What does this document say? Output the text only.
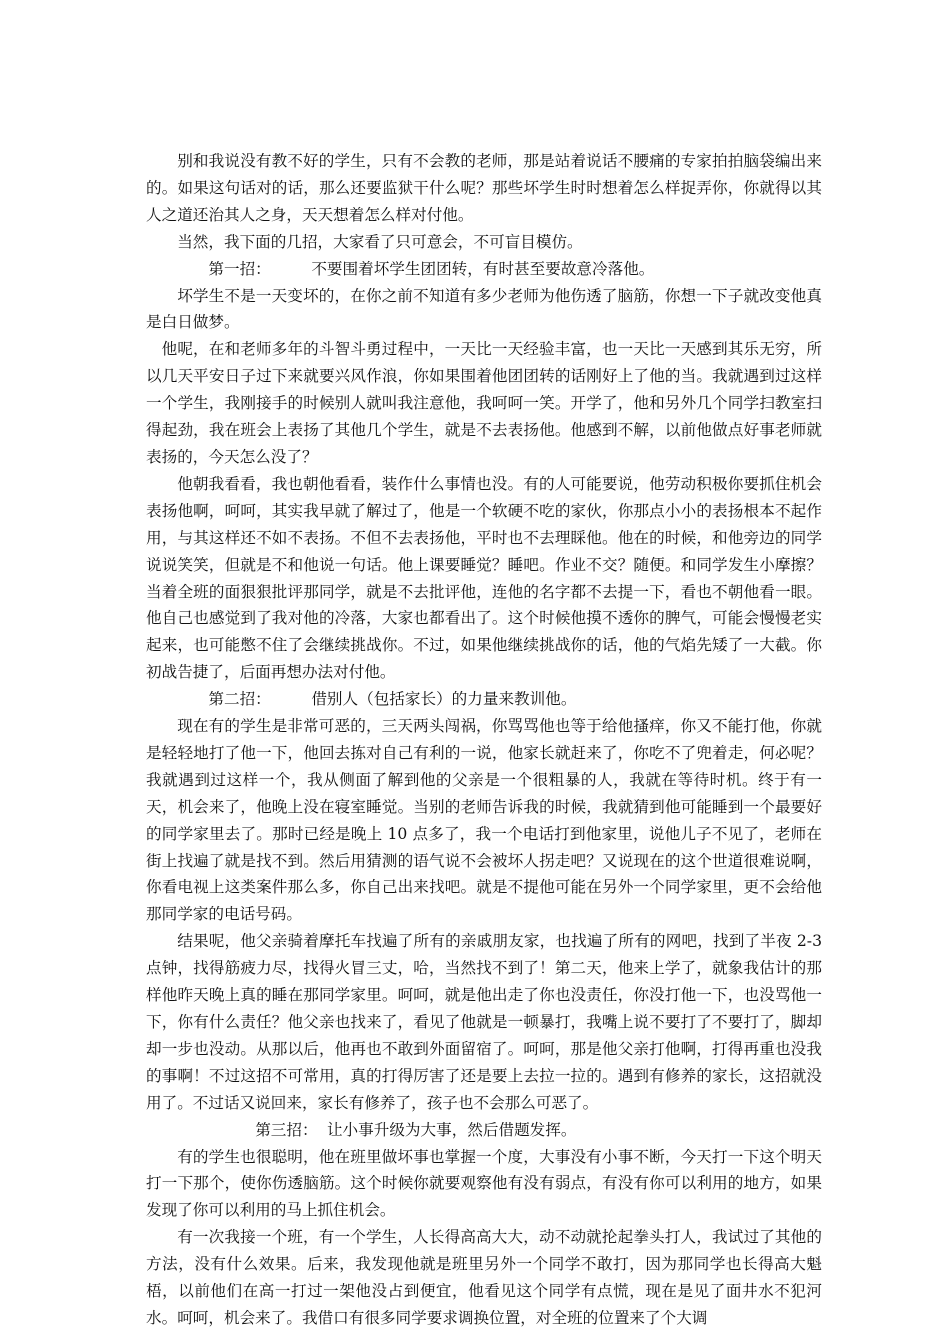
别和我说没有教不好的学生，只有不会教的老师，那是站着说话不腰痛的专家拍拍脑袋编出来的。如果这句话对的话，那么还要监狱干什么呢？那些坏学生时时想着怎么样捉弄你，你就得以其人之道还治其人之身，天天想着怎么样对付他。

当然，我下面的几招，大家看了只可意会，不可盲目模仿。

第一招：	不要围着坏学生团团转，有时甚至要故意冷落他。

坏学生不是一天变坏的，在你之前不知道有多少老师为他伤透了脑筋，你想一下子就改变他真是白日做梦。

他呢，在和老师多年的斗智斗勇过程中，一天比一天经验丰富，也一天比一天感到其乐无穷，所以几天平安日子过下来就要兴风作浪，你如果围着他团团转的话刚好上了他的当。我就遇到过这样一个学生，我刚接手的时候别人就叫我注意他，我呵呵一笑。开学了，他和另外几个同学扫教室扫得起劲，我在班会上表扬了其他几个学生，就是不去表扬他。他感到不解，以前他做点好事老师就表扬的，今天怎么没了？

他朝我看看，我也朝他看看，装作什么事情也没。有的人可能要说，他劳动积极你要抓住机会表扬他啊，呵呵，其实我早就了解过了，他是一个软硬不吃的家伙，你那点小小的表扬根本不起作用，与其这样还不如不表扬。不但不去表扬他，平时也不去理睬他。他在的时候，和他旁边的同学说说笑笑，但就是不和他说一句话。他上课要睡觉？睡吧。作业不交？随便。和同学发生小摩擦？当着全班的面狠狠批评那同学，就是不去批评他，连他的名字都不去提一下，看也不朝他看一眼。他自己也感觉到了我对他的冷落，大家也都看出了。这个时候他摸不透你的脾气，可能会慢慢老实起来，也可能憋不住了会继续挑战你。不过，如果他继续挑战你的话，他的气焰先矮了一大截。你初战告捷了，后面再想办法对付他。

第二招：	借别人（包括家长）的力量来教训他。

现在有的学生是非常可恶的，三天两头闯祸，你骂骂他也等于给他搔痒，你又不能打他，你就是轻轻地打了他一下，他回去拣对自己有利的一说，他家长就赶来了，你吃不了兜着走，何必呢？我就遇到过这样一个，我从侧面了解到他的父亲是一个很粗暴的人，我就在等待时机。终于有一天，机会来了，他晚上没在寝室睡觉。当别的老师告诉我的时候，我就猜到他可能睡到一个最要好的同学家里去了。那时已经是晚上 10 点多了，我一个电话打到他家里，说他儿子不见了，老师在街上找遍了就是找不到。然后用猜测的语气说不会被坏人拐走吧？又说现在的这个世道很难说啊，你看电视上这类案件那么多，你自己出来找吧。就是不提他可能在另外一个同学家里，更不会给他那同学家的电话号码。

结果呢，他父亲骑着摩托车找遍了所有的亲戚朋友家，也找遍了所有的网吧，找到了半夜 2-3 点钟，找得筋疲力尽，找得火冒三丈，哈，当然找不到了！第二天，他来上学了，就象我估计的那样他昨天晚上真的睡在那同学家里。呵呵，就是他出走了你也没责任，你没打他一下，也没骂他一下，你有什么责任？他父亲也找来了，看见了他就是一顿暴打，我嘴上说不要打了不要打了，脚却却一步也没动。从那以后，他再也不敢到外面留宿了。呵呵，那是他父亲打他啊，打得再重也没我的事啊！不过这招不可常用，真的打得厉害了还是要上去拉一拉的。遇到有修养的家长，这招就没用了。不过话又说回来，家长有修养了，孩子也不会那么可恶了。

第三招： 让小事升级为大事，然后借题发挥。

有的学生也很聪明，他在班里做坏事也掌握一个度，大事没有小事不断，今天打一下这个明天打一下那个，使你伤透脑筋。这个时候你就要观察他有没有弱点，有没有你可以利用的地方，如果发现了你可以利用的马上抓住机会。

有一次我接一个班，有一个学生，人长得高高大大，动不动就抡起拳头打人，我试过了其他的方法，没有什么效果。后来，我发现他就是班里另外一个同学不敢打，因为那同学也长得高大魁梧，以前他们在高一打过一架他没占到便宜，他看见这个同学有点慌，现在是见了面井水不犯河水。呵呵，机会来了。我借口有很多同学要求调换位置，对全班的位置来了个大调
